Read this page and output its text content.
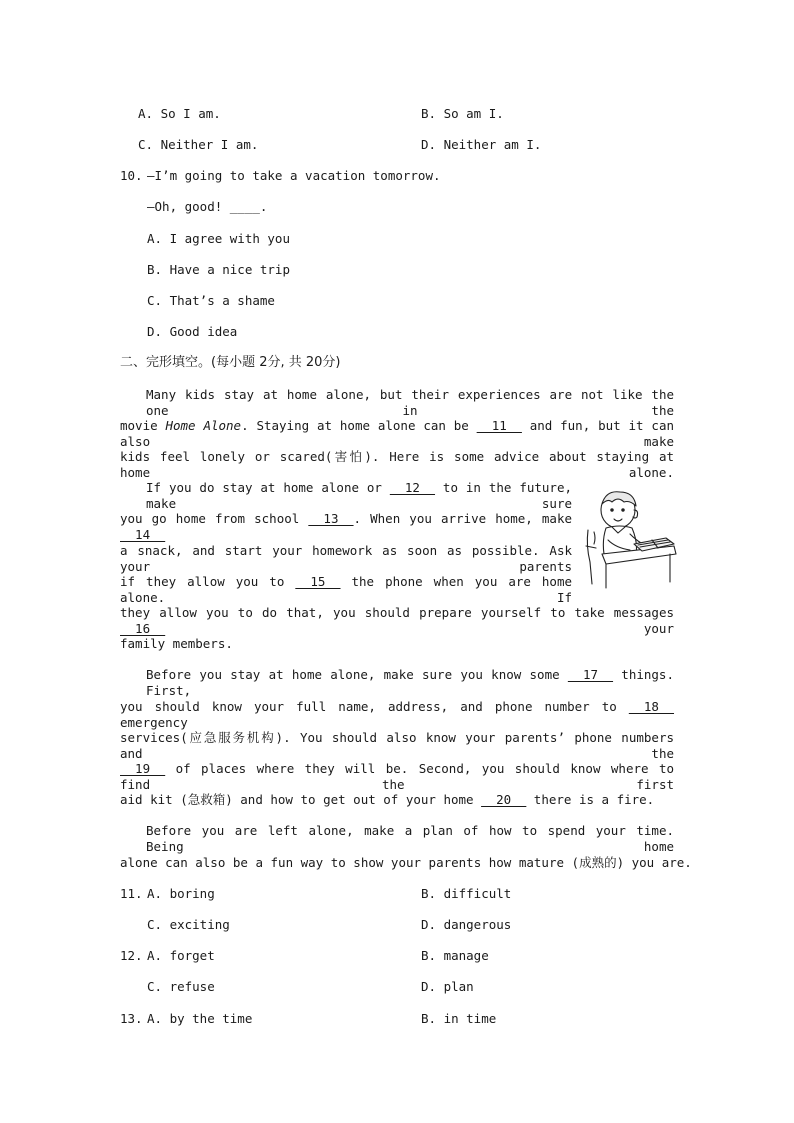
A. So I am.	B. So am I.
C. Neither I am.	D. Neither am I.
10. —I’m going to take a vacation tomorrow.
—Oh, good! ____.
A. I agree with you
B. Have a nice trip
C. That’s a shame
D. Good idea
二、完形填空。(每小题 2分, 共 20分)
Many kids stay at home alone, but their experiences are not like the one in the
movie Home Alone. Staying at home alone can be __11__ and fun, but it can also make
kids feel lonely or scared(害怕). Here is some advice about staying at home alone.
If you do stay at home alone or __12__ to in the future, make sure
you go home from school __13__. When you arrive home, make __14__
a snack, and start your homework as soon as possible. Ask your parents
if they allow you to __15__ the phone when you are home alone. If
they allow you to do that, you should prepare yourself to take messages __16__ your
family members.
Before you stay at home alone, make sure you know some __17__ things. First,
you should know your full name, address, and phone number to __18__ emergency
services(应急服务机构). You should also know your parents’ phone numbers and the
__19__ of places where they will be. Second, you should know where to find the first
aid kit (急救箱) and how to get out of your home __20__ there is a fire.
Before you are left alone, make a plan of how to spend your time. Being home
alone can also be a fun way to show your parents how mature (成熟的) you are.
11. A. boring	B. difficult
C. exciting	D. dangerous
12. A. forget	B. manage
C. refuse	D. plan
13. A. by the time	B. in time
